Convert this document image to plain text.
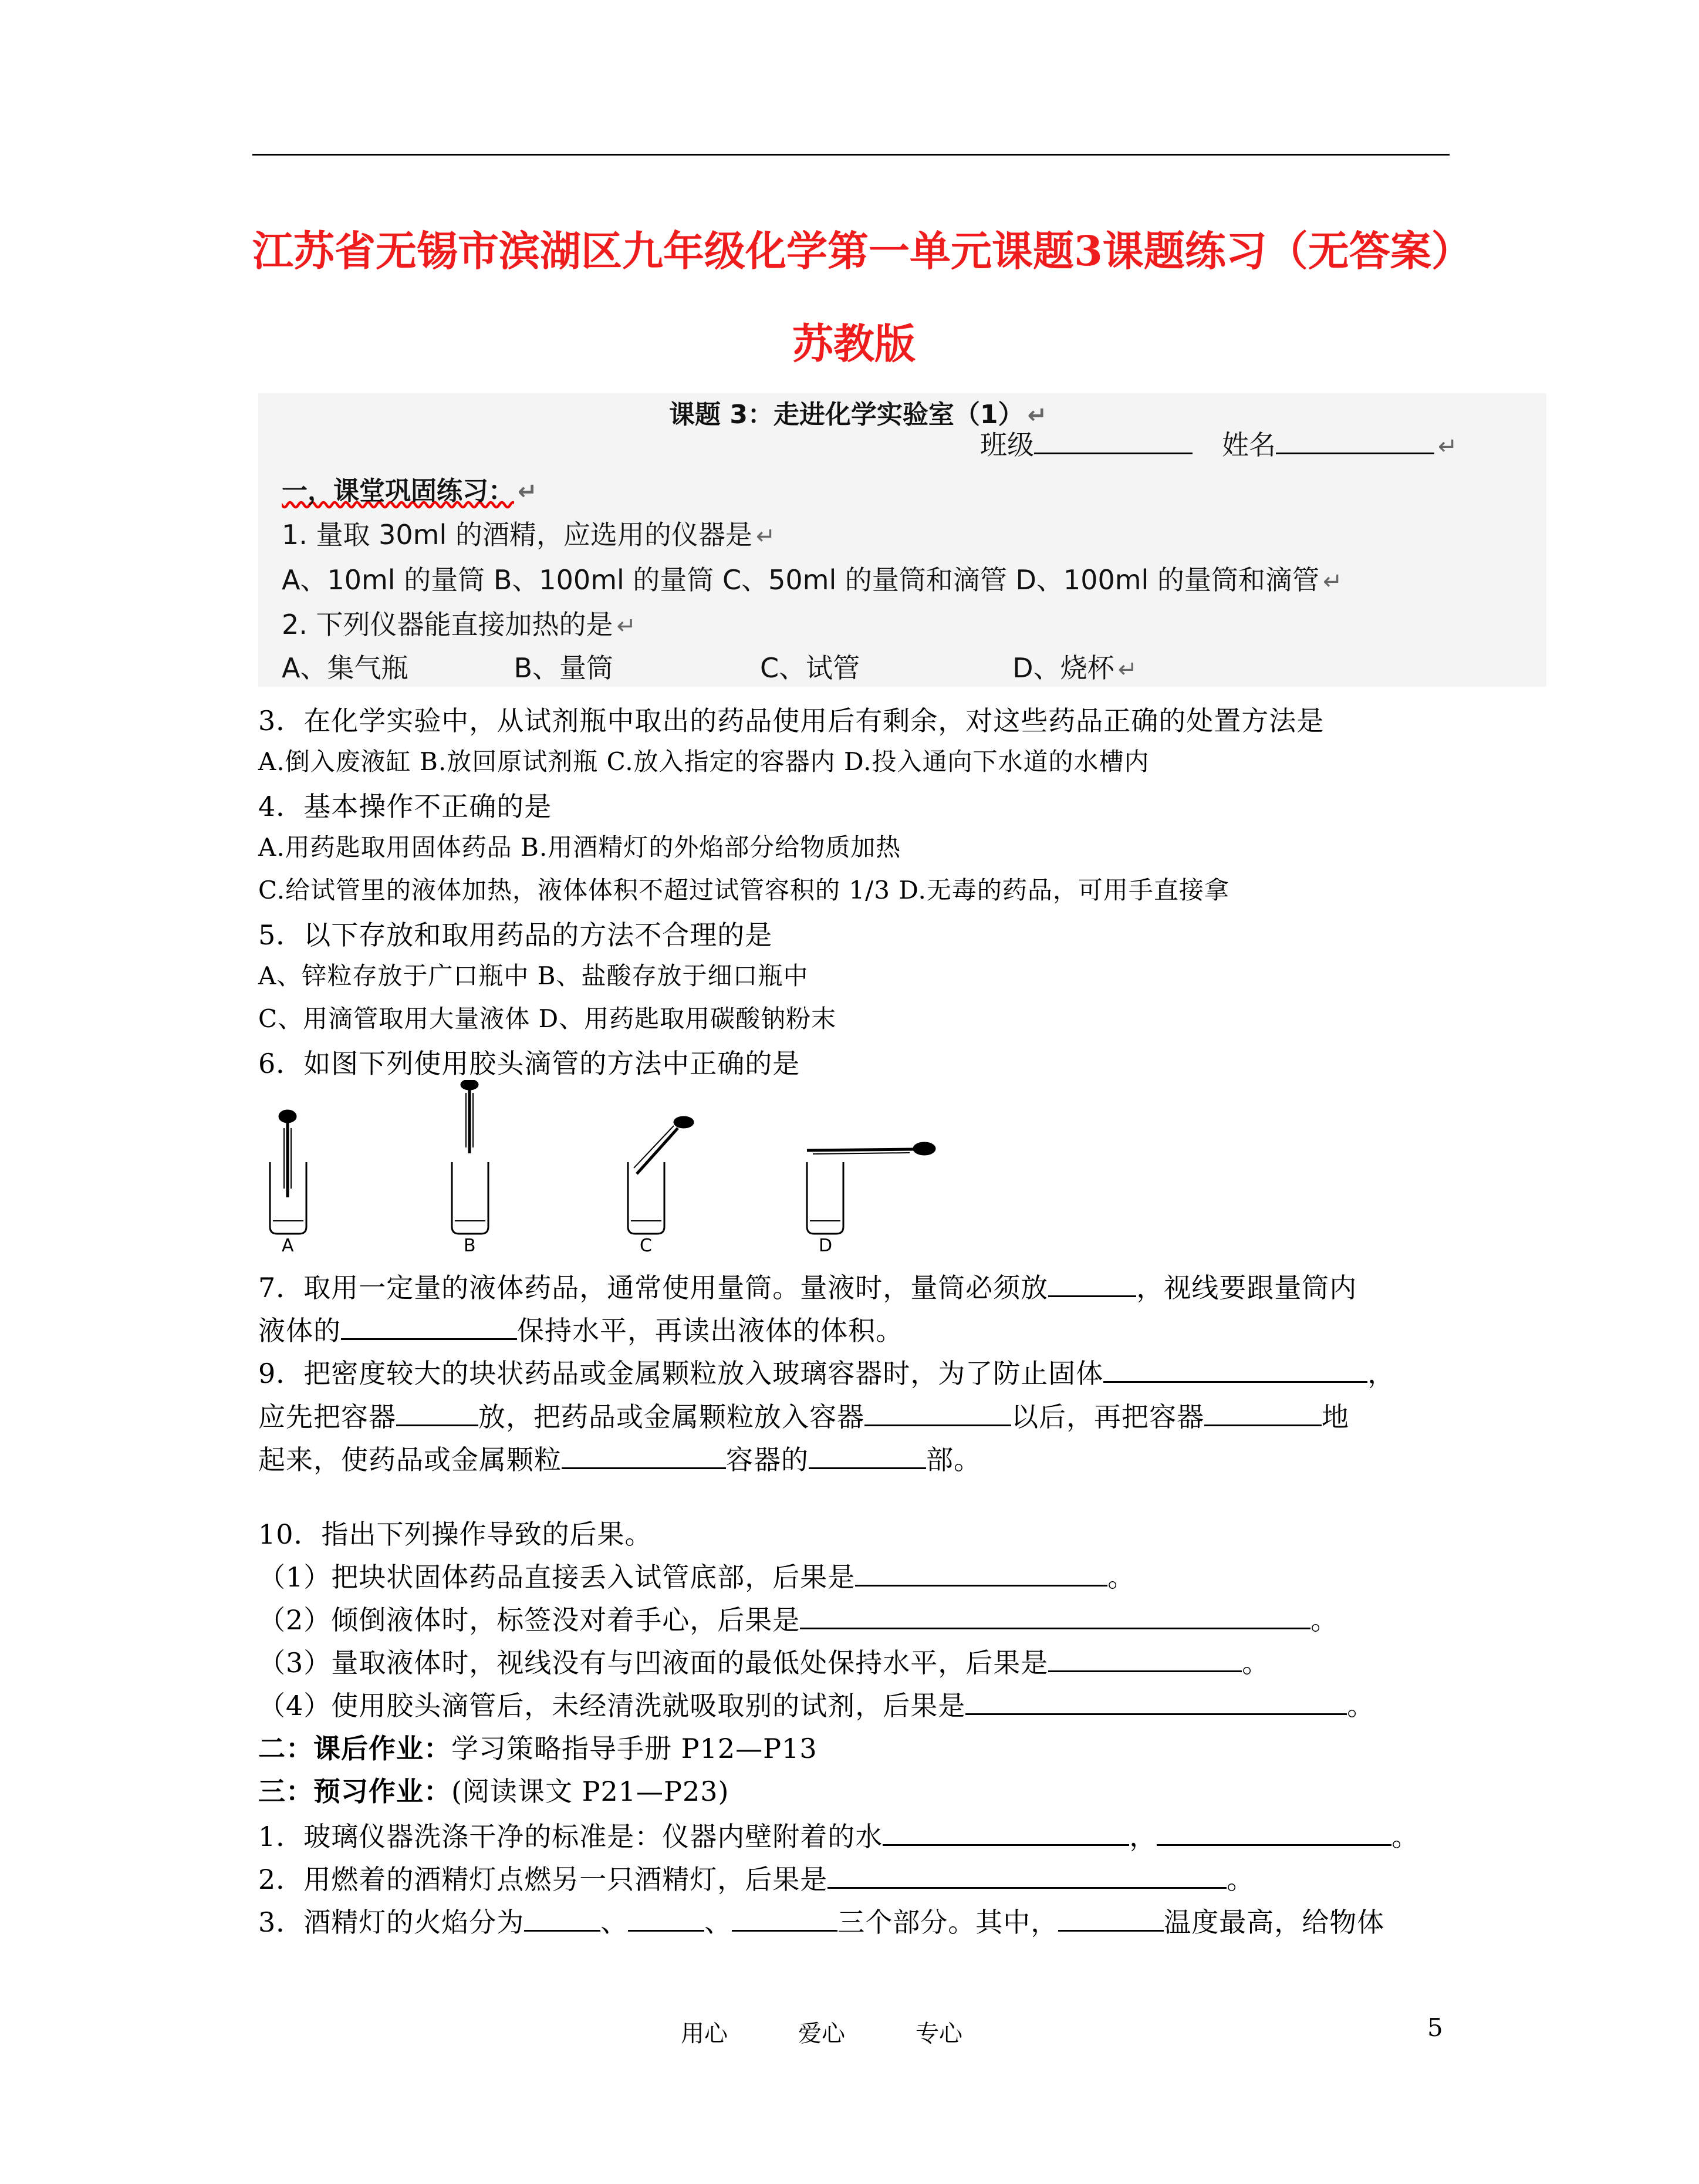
江苏省无锡市滨湖区九年级化学第一单元课题3课题练习（无答案）
苏教版
课题 3：走进化学实验室（1） ↵
班级	姓名	↵
一，课堂巩固练习： ↵
1. 量取 30ml 的酒精，应选用的仪器是 ↵
A、10ml 的量筒 B、100ml 的量筒 C、50ml 的量筒和滴管 D、100ml 的量筒和滴管 ↵
2. 下列仪器能直接加热的是 ↵
A、集气瓶	B、量筒	C、试管	D、烧杯 ↵
3．在化学实验中，从试剂瓶中取出的药品使用后有剩余，对这些药品正确的处置方法是
A.倒入废液缸 B.放回原试剂瓶 C.放入指定的容器内 D.投入通向下水道的水槽内
4．基本操作不正确的是
A.用药匙取用固体药品 B.用酒精灯的外焰部分给物质加热
C.给试管里的液体加热，液体体积不超过试管容积的 1/3 D.无毒的药品，可用手直接拿
5．以下存放和取用药品的方法不合理的是
A、锌粒存放于广口瓶中 B、盐酸存放于细口瓶中
C、用滴管取用大量液体 D、用药匙取用碳酸钠粉末
6．如图下列使用胶头滴管的方法中正确的是
A	B	C	D
7．取用一定量的液体药品，通常使用量筒。量液时，量筒必须放	，视线要跟量筒内
液体的	保持水平，再读出液体的体积。
9．把密度较大的块状药品或金属颗粒放入玻璃容器时，为了防止固体	，
应先把容器	放，把药品或金属颗粒放入容器	以后，再把容器	地
起来，使药品或金属颗粒	容器的	部。
10．指出下列操作导致的后果。
（1）把块状固体药品直接丢入试管底部，后果是	。
（2）倾倒液体时，标签没对着手心，后果是	。
（3）量取液体时，视线没有与凹液面的最低处保持水平，后果是	。
（4）使用胶头滴管后，未经清洗就吸取别的试剂，后果是	。
二：课后作业：学习策略指导手册 P12—P13
三：预习作业：(阅读课文 P21—P23)
1．玻璃仪器洗涤干净的标准是：仪器内壁附着的水	，	。
2．用燃着的酒精灯点燃另一只酒精灯，后果是	。
3．酒精灯的火焰分为	、	、	三个部分。其中，	温度最高，给物体
用心	爱心	专心	5
